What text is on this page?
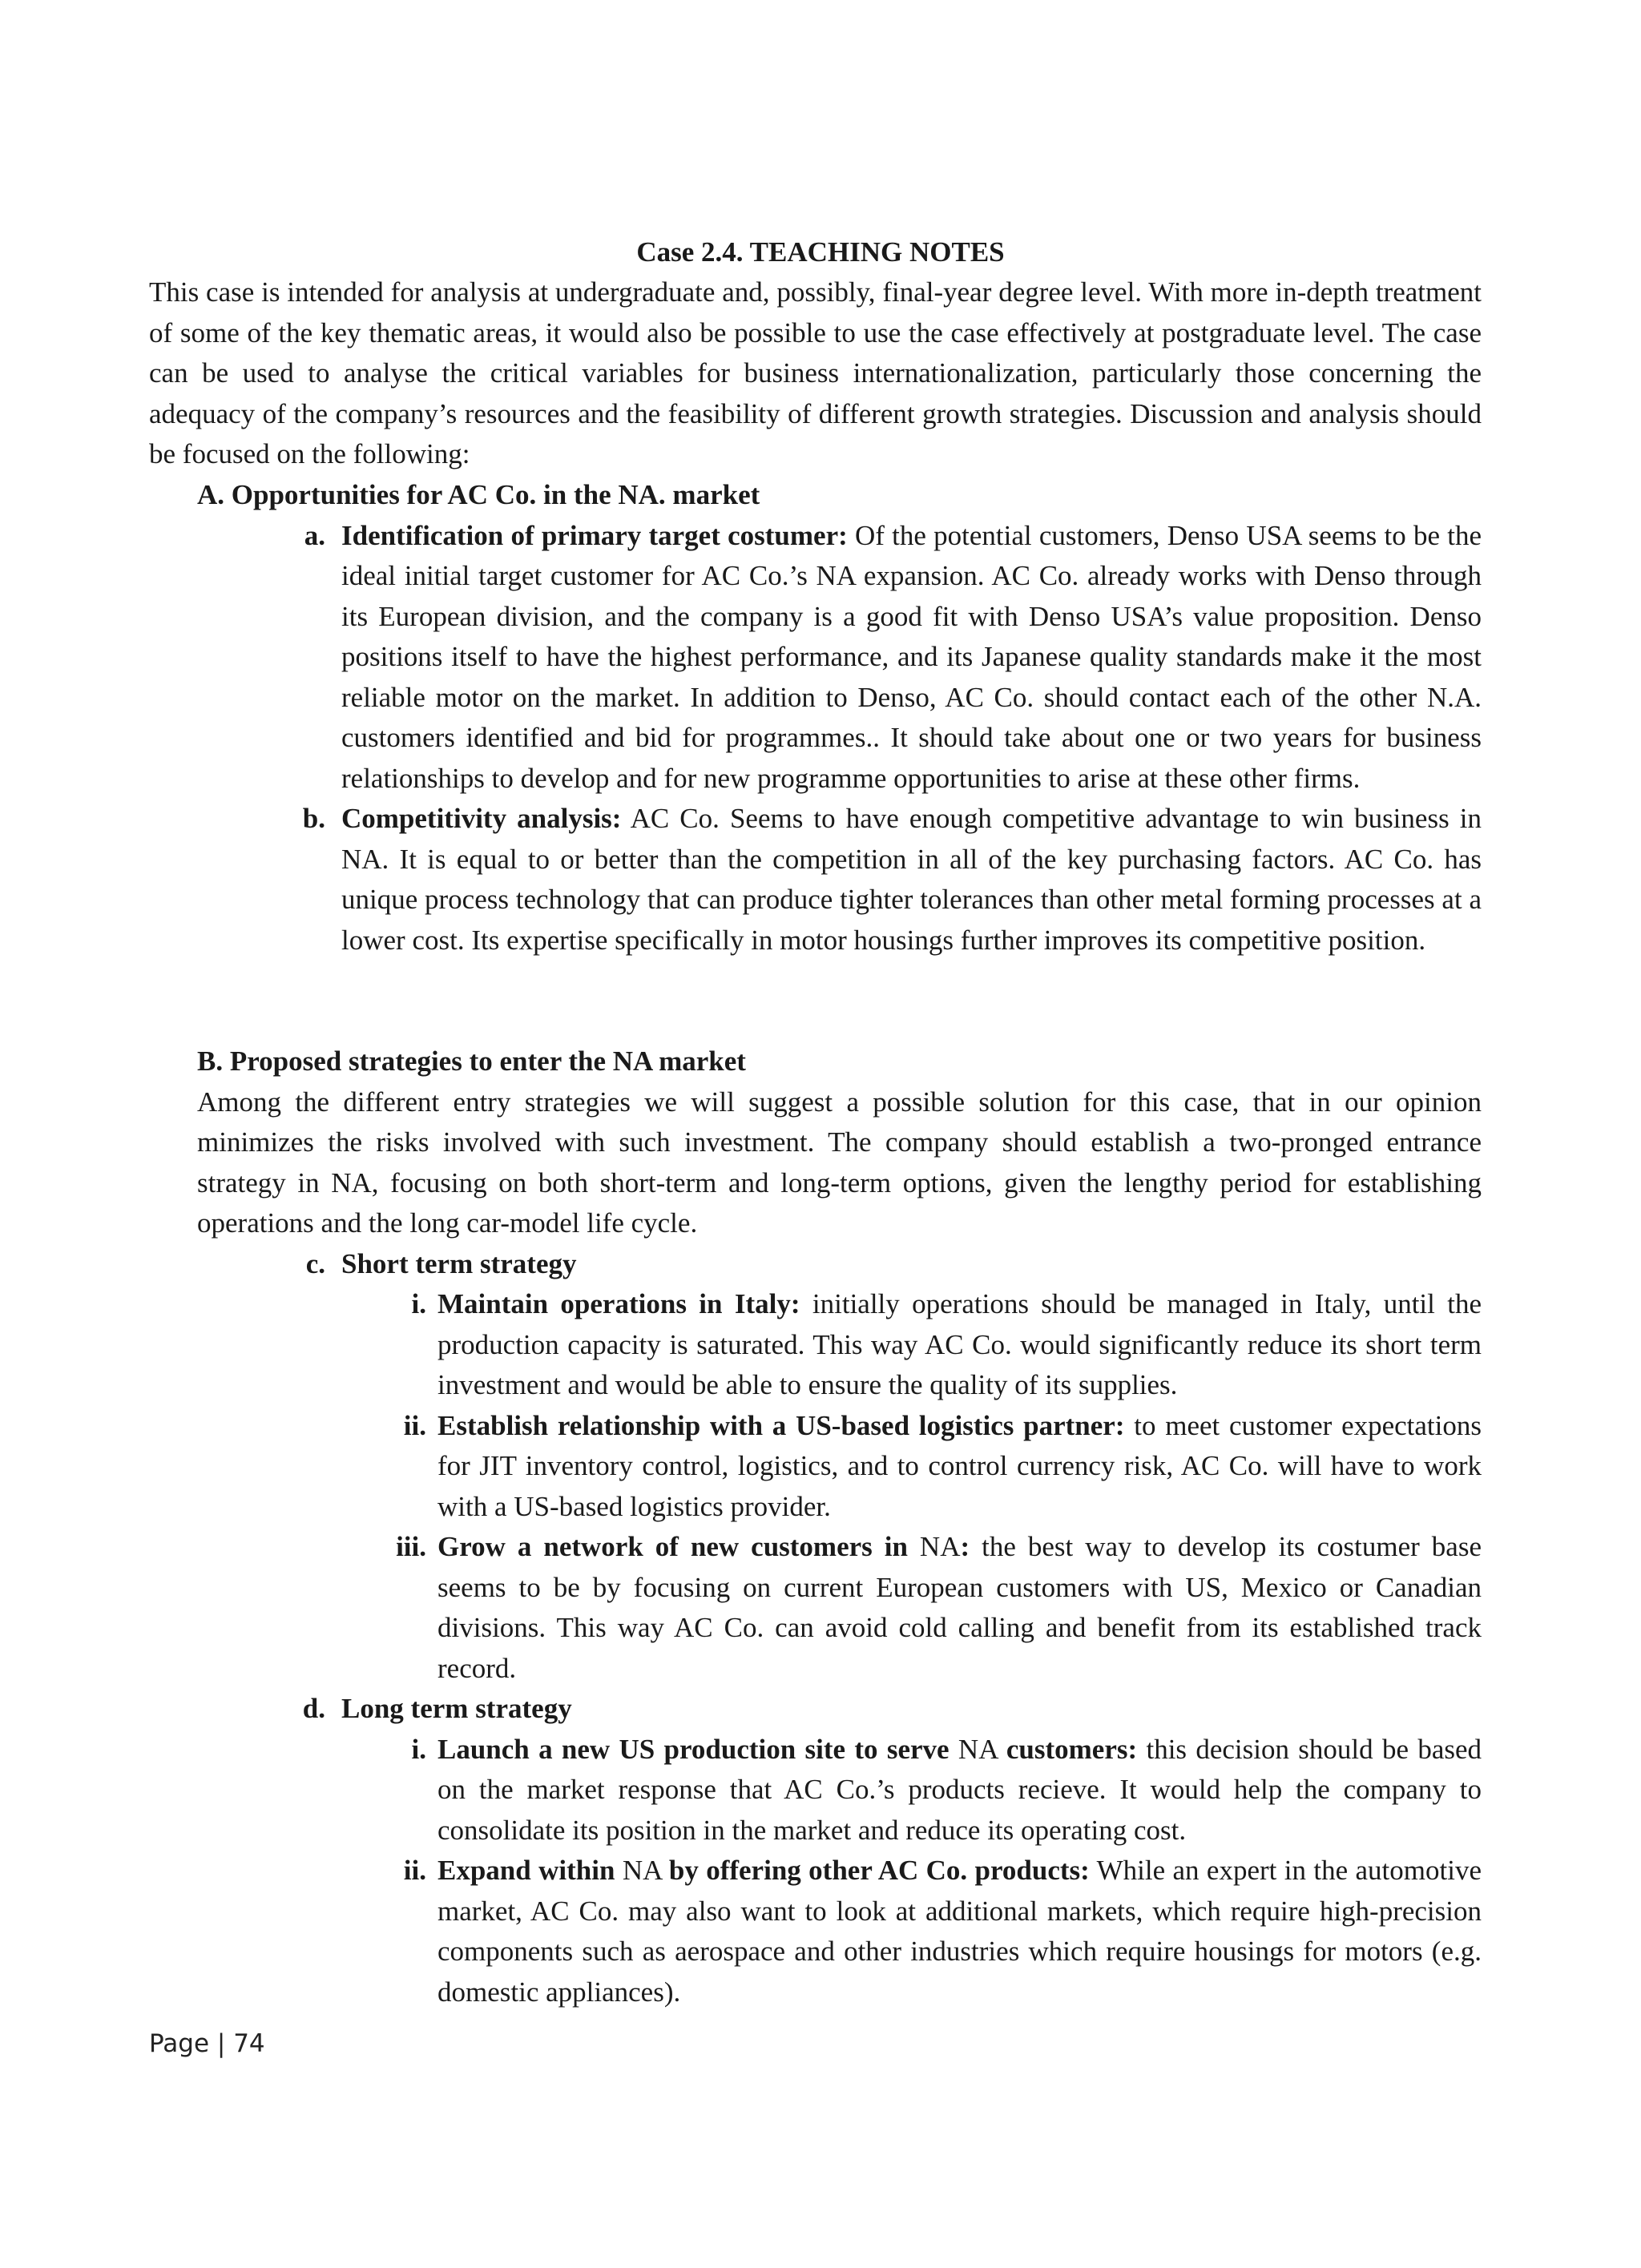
Case 2.4. TEACHING NOTES

This case is intended for analysis at undergraduate and, possibly, final-year degree level. With more in-depth treatment of some of the key thematic areas, it would also be possible to use the case effectively at postgraduate level. The case can be used to analyse the critical variables for business internationalization, particularly those concerning the adequacy of the company’s resources and the feasibility of different growth strategies. Discussion and analysis should be focused on the following:

A. Opportunities for AC Co. in the NA. market

a. Identification of primary target costumer: Of the potential customers, Denso USA seems to be the ideal initial target customer for AC Co.’s NA expansion. AC Co. already works with Denso through its European division, and the company is a good fit with Denso USA’s value proposition. Denso positions itself to have the highest performance, and its Japanese quality standards make it the most reliable motor on the market. In addition to Denso, AC Co. should contact each of the other N.A. customers identified and bid for programmes.. It should take about one or two years for business relationships to develop and for new programme opportunities to arise at these other firms.

b. Competitivity analysis: AC Co. Seems to have enough competitive advantage to win business in NA. It is equal to or better than the competition in all of the key purchasing factors. AC Co. has unique process technology that can produce tighter tolerances than other metal forming processes at a lower cost. Its expertise specifically in motor housings further improves its competitive position.

B. Proposed strategies to enter the NA market

Among the different entry strategies we will suggest a possible solution for this case, that in our opinion minimizes the risks involved with such investment. The company should establish a two-pronged entrance strategy in NA, focusing on both short-term and long-term options, given the lengthy period for establishing operations and the long car-model life cycle.

c. Short term strategy

i. Maintain operations in Italy: initially operations should be managed in Italy, until the production capacity is saturated. This way AC Co. would significantly reduce its short term investment and would be able to ensure the quality of its supplies.

ii. Establish relationship with a US-based logistics partner: to meet customer expectations for JIT inventory control, logistics, and to control currency risk, AC Co. will have to work with a US-based logistics provider.

iii. Grow a network of new customers in NA: the best way to develop its costumer base seems to be by focusing on current European customers with US, Mexico or Canadian divisions. This way AC Co. can avoid cold calling and benefit from its established track record.

d. Long term strategy

i. Launch a new US production site to serve NA customers: this decision should be based on the market response that AC Co.’s products recieve. It would help the company to consolidate its position in the market and reduce its operating cost.

ii. Expand within NA by offering other AC Co. products: While an expert in the automotive market, AC Co. may also want to look at additional markets, which require high-precision components such as aerospace and other industries which require housings for motors (e.g. domestic appliances).

Page | 74
